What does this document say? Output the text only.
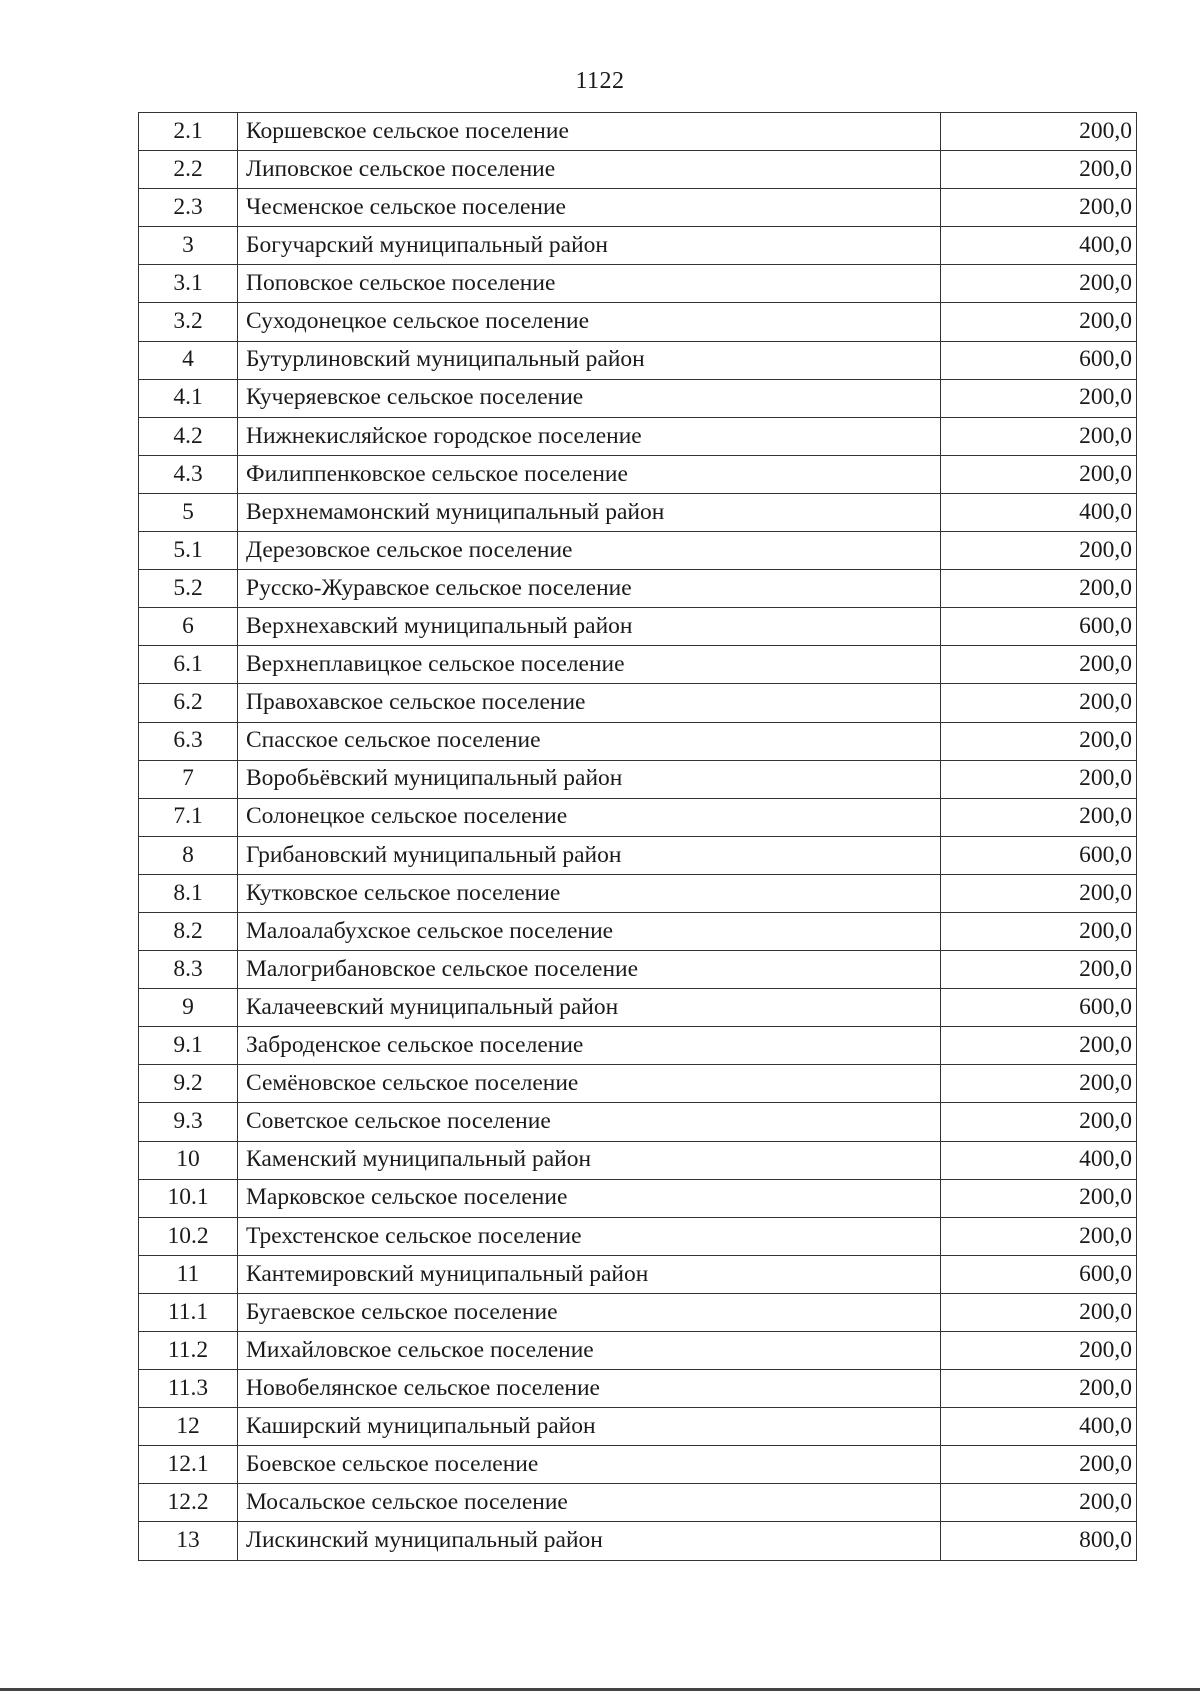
1122
2.1	Коршевское сельское поселение	200,0
2.2	Липовское сельское поселение	200,0
2.3	Чесменское сельское поселение	200,0
3	Богучарский муниципальный район	400,0
3.1	Поповское сельское поселение	200,0
3.2	Суходонецкое сельское поселение	200,0
4	Бутурлиновский муниципальный район	600,0
4.1	Кучеряевское сельское поселение	200,0
4.2	Нижнекисляйское городское поселение	200,0
4.3	Филиппенковское сельское поселение	200,0
5	Верхнемамонский муниципальный район	400,0
5.1	Дерезовское сельское поселение	200,0
5.2	Русско-Журавское сельское поселение	200,0
6	Верхнехавский муниципальный район	600,0
6.1	Верхнеплавицкое сельское поселение	200,0
6.2	Правохавское сельское поселение	200,0
6.3	Спасское сельское поселение	200,0
7	Воробьёвский муниципальный район	200,0
7.1	Солонецкое сельское поселение	200,0
8	Грибановский муниципальный район	600,0
8.1	Кутковское сельское поселение	200,0
8.2	Малоалабухское сельское поселение	200,0
8.3	Малогрибановское сельское поселение	200,0
9	Калачеевский муниципальный район	600,0
9.1	Заброденское сельское поселение	200,0
9.2	Семёновское сельское поселение	200,0
9.3	Советское сельское поселение	200,0
10	Каменский муниципальный район	400,0
10.1	Марковское сельское поселение	200,0
10.2	Трехстенское сельское поселение	200,0
11	Кантемировский муниципальный район	600,0
11.1	Бугаевское сельское поселение	200,0
11.2	Михайловское сельское поселение	200,0
11.3	Новобелянское сельское поселение	200,0
12	Каширский муниципальный район	400,0
12.1	Боевское сельское поселение	200,0
12.2	Мосальское сельское поселение	200,0
13	Лискинский муниципальный район	800,0
